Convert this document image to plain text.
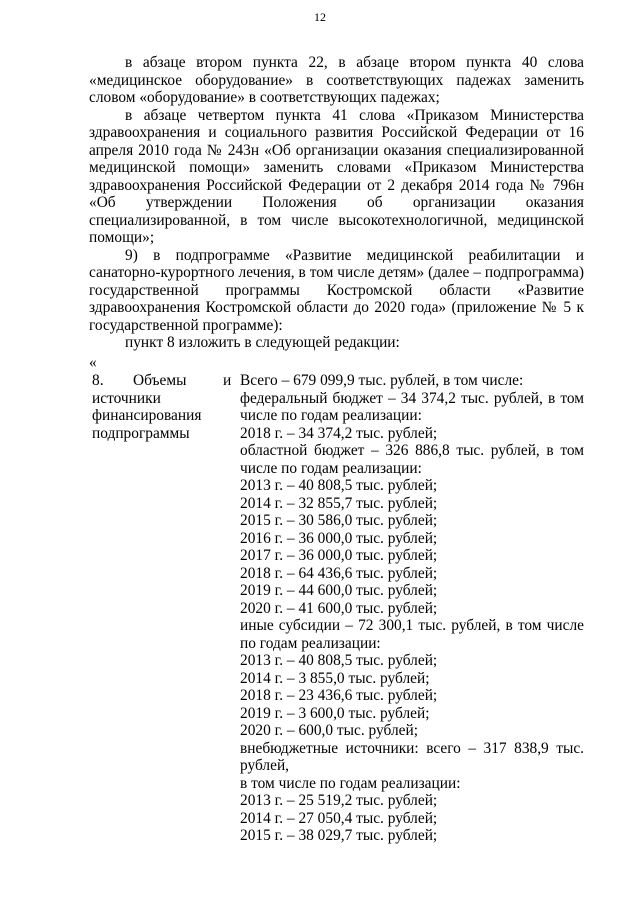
12

в абзаце втором пункта 22, в абзаце втором пункта 40 слова «медицинское оборудование» в соответствующих падежах заменить словом «оборудование» в соответствующих падежах;

в абзаце четвертом пункта 41 слова «Приказом Министерства здравоохранения и социального развития Российской Федерации от 16 апреля 2010 года № 243н «Об организации оказания специализированной медицинской помощи» заменить словами «Приказом Министерства здравоохранения Российской Федерации от 2 декабря 2014 года № 796н «Об утверждении Положения об организации оказания специализированной, в том числе высокотехнологичной, медицинской помощи»;

9) в подпрограмме «Развитие медицинской реабилитации и санаторно-курортного лечения, в том числе детям» (далее – подпрограмма) государственной программы Костромской области «Развитие здравоохранения Костромской области до 2020 года» (приложение № 5 к государственной программе):

пункт 8 изложить в следующей редакции:

«
8.	Объемы
источники финансирования подпрограммы
и Всего – 679 099,9 тыс. рублей, в том числе:

федеральный бюджет – 34 374,2 тыс. рублей, в том числе по годам реализации:

2018 г. – 34 374,2 тыс. рублей;

областной бюджет – 326 886,8 тыс. рублей, в том числе по годам реализации:

2013 г. – 40 808,5 тыс. рублей;
2014 г. – 32 855,7 тыс. рублей;
2015 г. – 30 586,0 тыс. рублей;
2016 г. – 36 000,0 тыс. рублей;
2017 г. – 36 000,0 тыс. рублей;
2018 г. – 64 436,6 тыс. рублей;
2019 г. – 44 600,0 тыс. рублей;
2020 г. – 41 600,0 тыс. рублей;

иные субсидии – 72 300,1 тыс. рублей, в том числе по годам реализации:

2013 г. – 40 808,5 тыс. рублей;
2014 г. – 3 855,0 тыс. рублей;
2018 г. – 23 436,6 тыс. рублей;
2019 г. – 3 600,0 тыс. рублей;
2020 г. – 600,0 тыс. рублей;

внебюджетные источники: всего – 317 838,9 тыс. рублей,

в том числе по годам реализации:
2013 г. – 25 519,2 тыс. рублей;
2014 г. – 27 050,4 тыс. рублей;
2015 г. – 38 029,7 тыс. рублей;
